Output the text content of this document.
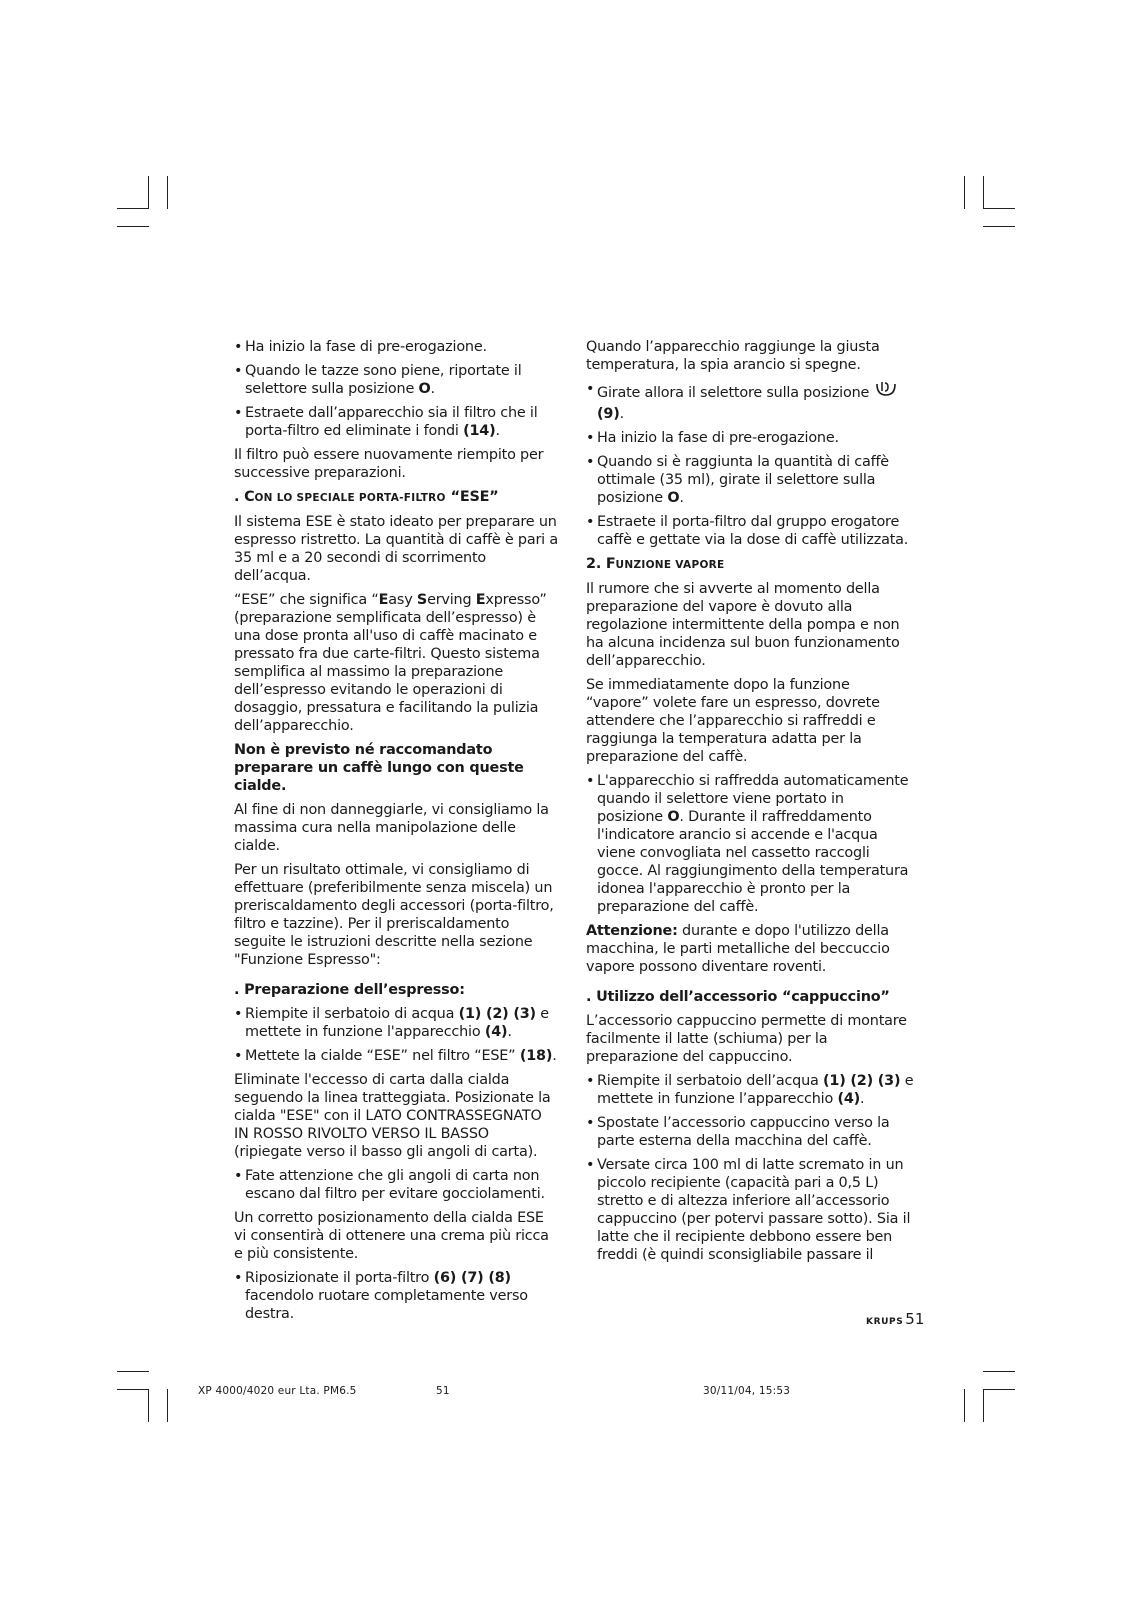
• Ha inizio la fase di pre-erogazione.
• Quando le tazze sono piene, riportate il selettore sulla posizione O.
• Estraete dall’apparecchio sia il filtro che il porta-filtro ed eliminate i fondi (14).

Il filtro può essere nuovamente riempito per successive preparazioni.

. CON LO SPECIALE PORTA-FILTRO “ESE”

Il sistema ESE è stato ideato per preparare un espresso ristretto. La quantità di caffè è pari a 35 ml e a 20 secondi di scorrimento dell’acqua.

“ESE” che significa “Easy Serving Expresso” (preparazione semplificata dell’espresso) è una dose pronta all'uso di caffè macinato e pressato fra due carte-filtri. Questo sistema semplifica al massimo la preparazione dell’espresso evitando le operazioni di dosaggio, pressatura e facilitando la pulizia dell’apparecchio.

Non è previsto né raccomandato preparare un caffè lungo con queste cialde.

Al fine di non danneggiarle, vi consigliamo la massima cura nella manipolazione delle cialde.

Per un risultato ottimale, vi consigliamo di effettuare (preferibilmente senza miscela) un preriscaldamento degli accessori (porta-filtro, filtro e tazzine). Per il preriscaldamento seguite le istruzioni descritte nella sezione "Funzione Espresso":

. Preparazione dell’espresso:

• Riempite il serbatoio di acqua (1) (2) (3) e mettete in funzione l'apparecchio (4).
• Mettete la cialde “ESE” nel filtro “ESE” (18).

Eliminate l'eccesso di carta dalla cialda seguendo la linea tratteggiata. Posizionate la cialda "ESE" con il LATO CONTRASSEGNATO IN ROSSO RIVOLTO VERSO IL BASSO (ripiegate verso il basso gli angoli di carta).

• Fate attenzione che gli angoli di carta non escano dal filtro per evitare gocciolamenti.

Un corretto posizionamento della cialda ESE vi consentirà di ottenere una crema più ricca e più consistente.

• Riposizionate il porta-filtro (6) (7) (8) facendolo ruotare completamente verso destra.

Quando l’apparecchio raggiunge la giusta temperatura, la spia arancio si spegne.

• Girate allora il selettore sulla posizione
(9).
• Ha inizio la fase di pre-erogazione.
• Quando si è raggiunta la quantità di caffè ottimale (35 ml), girate il selettore sulla posizione O.
• Estraete il porta-filtro dal gruppo erogatore caffè e gettate via la dose di caffè utilizzata.

2. FUNZIONE VAPORE

Il rumore che si avverte al momento della preparazione del vapore è dovuto alla regolazione intermittente della pompa e non ha alcuna incidenza sul buon funzionamento dell’apparecchio.

Se immediatamente dopo la funzione “vapore” volete fare un espresso, dovrete attendere che l’apparecchio si raffreddi e raggiunga la temperatura adatta per la preparazione del caffè.

• L'apparecchio si raffredda automaticamente quando il selettore viene portato in posizione O. Durante il raffreddamento l'indicatore arancio si accende e l'acqua viene convogliata nel cassetto raccogli gocce. Al raggiungimento della temperatura idonea l'apparecchio è pronto per la preparazione del caffè.

Attenzione: durante e dopo l'utilizzo della macchina, le parti metalliche del beccuccio vapore possono diventare roventi.

. Utilizzo dell’accessorio “cappuccino”

L’accessorio cappuccino permette di montare facilmente il latte (schiuma) per la preparazione del cappuccino.

• Riempite il serbatoio dell’acqua (1) (2) (3) e mettete in funzione l’apparecchio (4).
• Spostate l’accessorio cappuccino verso la parte esterna della macchina del caffè.
• Versate circa 100 ml di latte scremato in un piccolo recipiente (capacità pari a 0,5 L) stretto e di altezza inferiore all’accessorio cappuccino (per potervi passare sotto). Sia il latte che il recipiente debbono essere ben freddi (è quindi sconsigliabile passare il
KRUPS 51
XP 4000/4020 eur Lta. PM6.5	51	30/11/04, 15:53
